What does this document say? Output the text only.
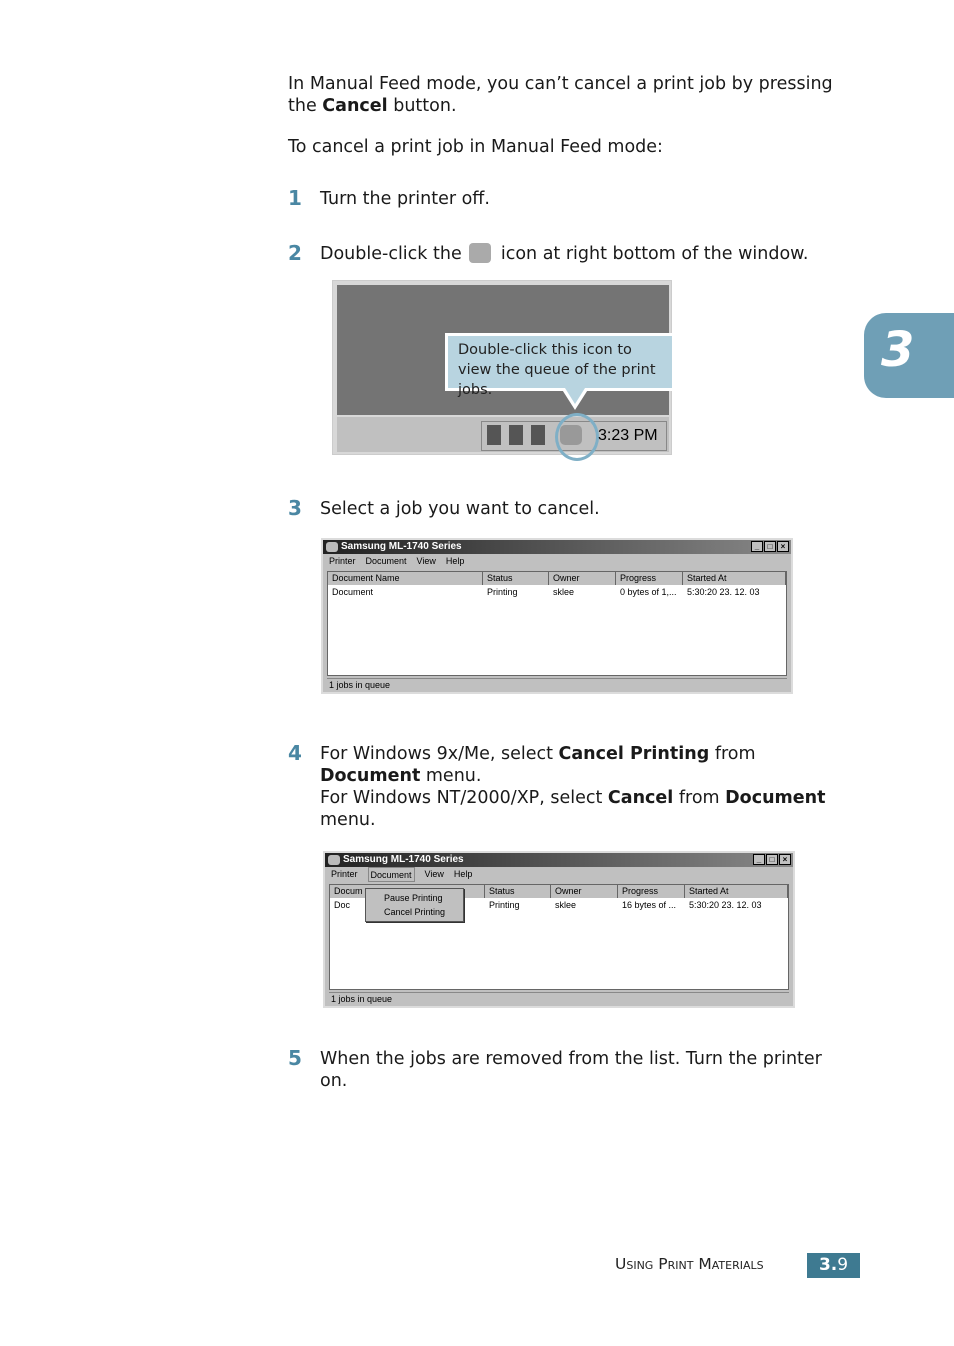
In Manual Feed mode, you can’t cancel a print job by pressing the Cancel button.
To cancel a print job in Manual Feed mode:
1 Turn the printer off.
2 Double-click the  icon at right bottom of the window.
3:23 PM
Double-click this icon to view the queue of the print jobs.
3 Select a job you want to cancel.
Samsung ML-1740 Series	_	□	×
Printer Document View Help
Document Name	Status	Owner	Progress	Started At
Document	Printing	sklee	0 bytes of 1,...	5:30:20 23. 12. 03
1 jobs in queue
4 For Windows 9x/Me, select Cancel Printing from Document menu.
For Windows NT/2000/XP, select Cancel from Document menu.
Samsung ML-1740 Series	_	□	×
Printer	Document	View Help
Docum	Status	Owner	Progress	Started At
Doc	Printing	sklee	16 bytes of ...	5:30:20 23. 12. 03
Pause Printing
Cancel Printing
1 jobs in queue
5 When the jobs are removed from the list. Turn the printer on.
3
Using Print Materials	3.9
